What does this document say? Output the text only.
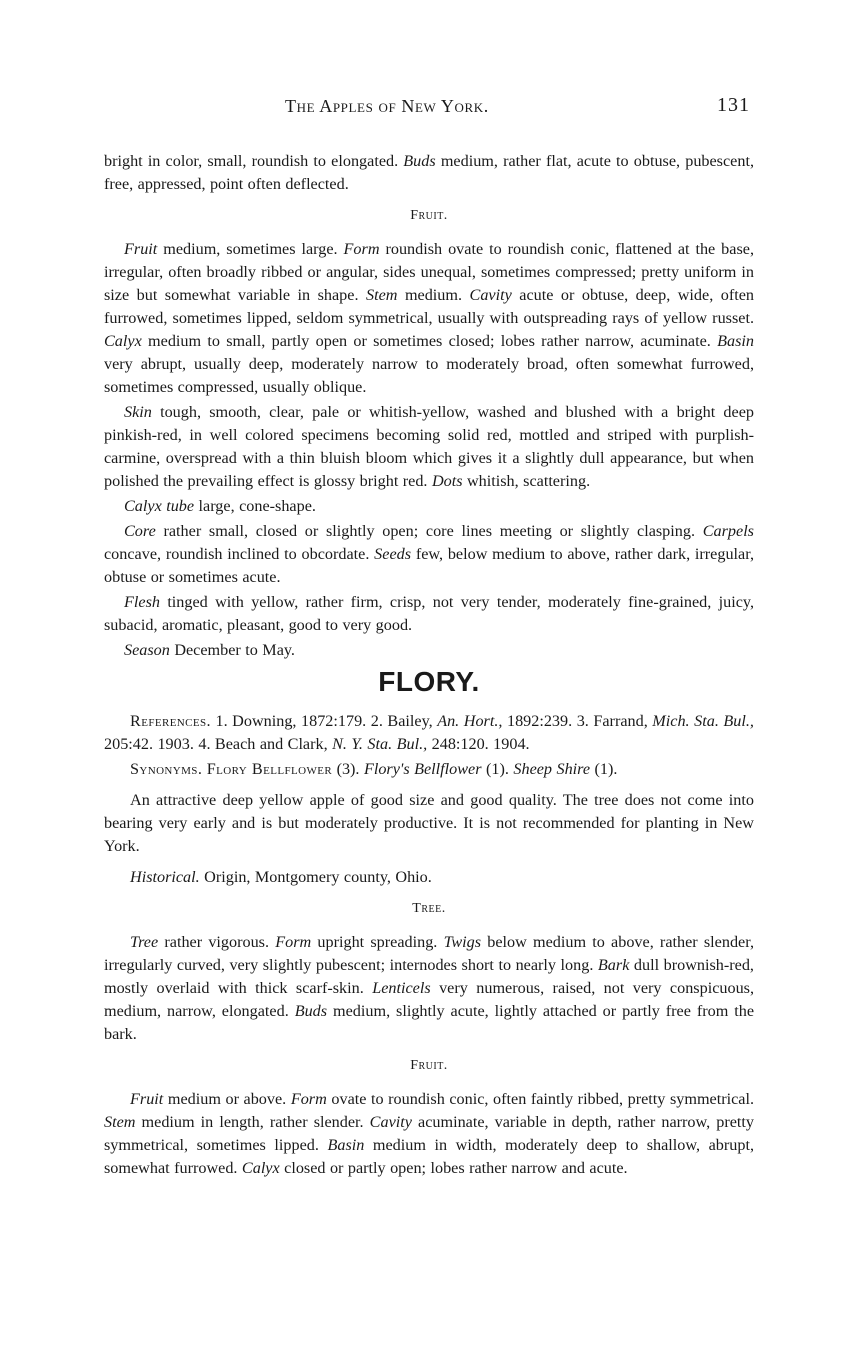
The Apples of New York.	131

bright in color, small, roundish to elongated. Buds medium, rather flat, acute to obtuse, pubescent, free, appressed, point often deflected.

Fruit.

Fruit medium, sometimes large. Form roundish ovate to roundish conic, flattened at the base, irregular, often broadly ribbed or angular, sides unequal, sometimes compressed; pretty uniform in size but somewhat variable in shape. Stem medium. Cavity acute or obtuse, deep, wide, often furrowed, sometimes lipped, seldom symmetrical, usually with outspreading rays of yellow russet. Calyx medium to small, partly open or sometimes closed; lobes rather narrow, acuminate. Basin very abrupt, usually deep, moderately narrow to moderately broad, often somewhat furrowed, sometimes compressed, usually oblique.

Skin tough, smooth, clear, pale or whitish-yellow, washed and blushed with a bright deep pinkish-red, in well colored specimens becoming solid red, mottled and striped with purplish-carmine, overspread with a thin bluish bloom which gives it a slightly dull appearance, but when polished the prevailing effect is glossy bright red. Dots whitish, scattering.

Calyx tube large, cone-shape.

Core rather small, closed or slightly open; core lines meeting or slightly clasping. Carpels concave, roundish inclined to obcordate. Seeds few, below medium to above, rather dark, irregular, obtuse or sometimes acute.

Flesh tinged with yellow, rather firm, crisp, not very tender, moderately fine-grained, juicy, subacid, aromatic, pleasant, good to very good.

Season December to May.

FLORY.

References. 1. Downing, 1872:179. 2. Bailey, An. Hort., 1892:239. 3. Farrand, Mich. Sta. Bul., 205:42. 1903. 4. Beach and Clark, N. Y. Sta. Bul., 248:120. 1904.

Synonyms. Flory Bellflower (3). Flory's Bellflower (1). Sheep Shire (1).

An attractive deep yellow apple of good size and good quality. The tree does not come into bearing very early and is but moderately productive. It is not recommended for planting in New York.

Historical. Origin, Montgomery county, Ohio.

Tree.

Tree rather vigorous. Form upright spreading. Twigs below medium to above, rather slender, irregularly curved, very slightly pubescent; internodes short to nearly long. Bark dull brownish-red, mostly overlaid with thick scarf-skin. Lenticels very numerous, raised, not very conspicuous, medium, narrow, elongated. Buds medium, slightly acute, lightly attached or partly free from the bark.

Fruit.

Fruit medium or above. Form ovate to roundish conic, often faintly ribbed, pretty symmetrical. Stem medium in length, rather slender. Cavity acuminate, variable in depth, rather narrow, pretty symmetrical, sometimes lipped. Basin medium in width, moderately deep to shallow, abrupt, somewhat furrowed. Calyx closed or partly open; lobes rather narrow and acute.
